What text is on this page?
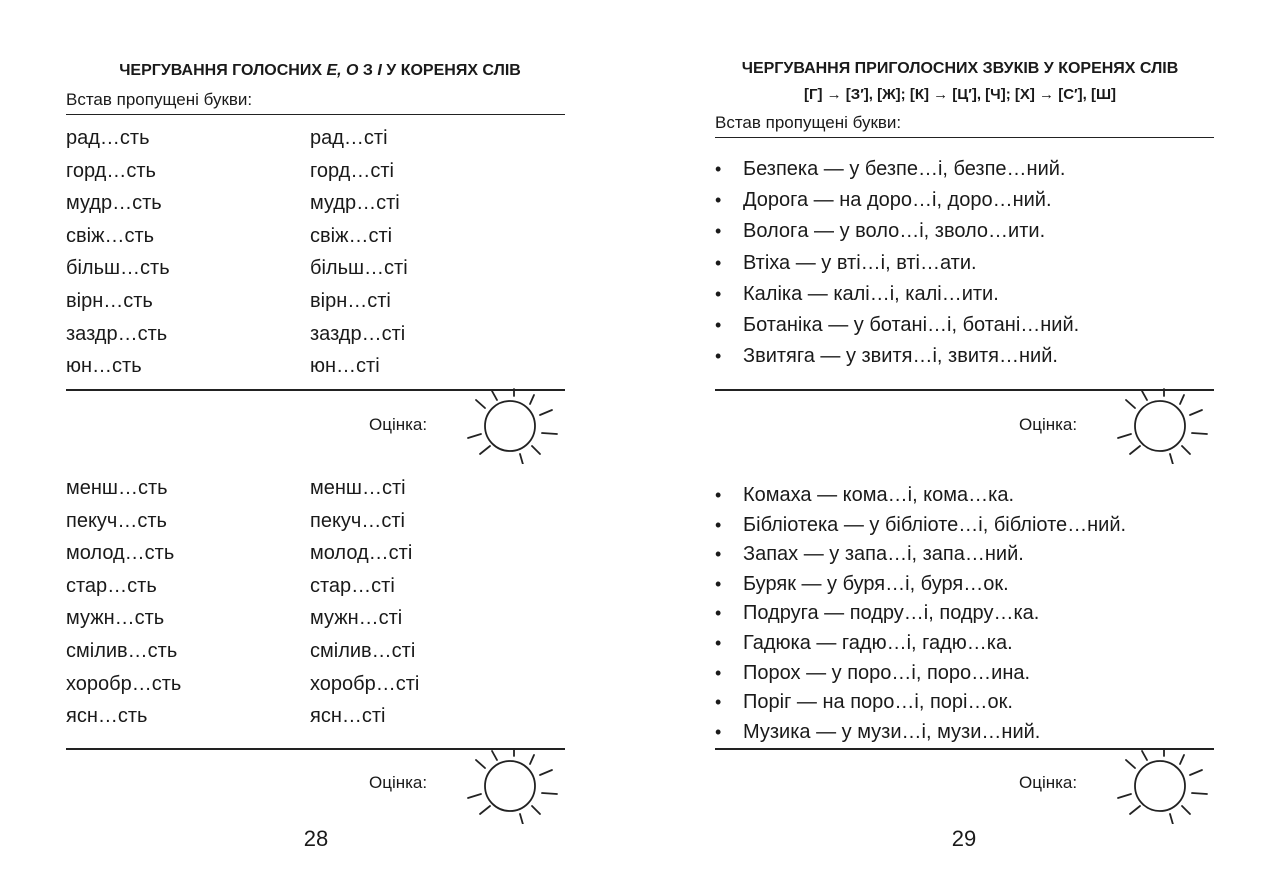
ЧЕРГУВАННЯ ГОЛОСНИХ Е, О З І У КОРЕНЯХ СЛІВ
Встав пропущені букви:
рад…сть
горд…сть
мудр…сть
свіж…сть
більш…сть
вірн…сть
заздр…сть
юн…сть
рад…сті
горд…сті
мудр…сті
свіж…сті
більш…сті
вірн…сті
заздр…сті
юн…сті
Оцінка:
менш…сть
пекуч…сть
молод…сть
стар…сть
мужн…сть
смілив…сть
хоробр…сть
ясн…сть
менш…сті
пекуч…сті
молод…сті
стар…сті
мужн…сті
смілив…сті
хоробр…сті
ясн…сті
Оцінка:
28
ЧЕРГУВАННЯ ПРИГОЛОСНИХ ЗВУКІВ У КОРЕНЯХ СЛІВ
[Г] → [З′], [Ж]; [К] → [Ц′], [Ч]; [Х] → [С′], [Ш]
Встав пропущені букви:
• Безпека — у безпе…і, безпе…ний.
• Дорога — на доро…і, доро…ний.
• Вологa — у воло…і, зволо…ити.
• Втіха — у вті…і, вті…ати.
• Каліка — калі…і, калі…ити.
• Ботаніка — у ботані…і, ботані…ний.
• Звитяга — у звитя…і, звитя…ний.
Оцінка:
• Комаха — кома…і, кома…ка.
• Бібліотека — у бібліоте…і, бібліоте…ний.
• Запах — у запа…і, запа…ний.
• Буряк — у буря…і, буря…ок.
• Подруга — подру…і, подру…ка.
• Гадюка — гадю…і, гадю…ка.
• Порох — у поро…і, поро…ина.
• Поріг — на поро…і, порі…ок.
• Музика — у музи…і, музи…ний.
Оцінка:
29
